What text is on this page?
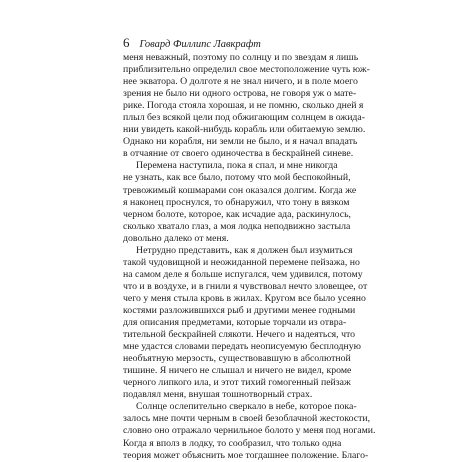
6 Говард Филлипс Лавкрафт
меня неважный, поэтому по солнцу и по звездам я лишь
приблизительно определил свое местоположение чуть юж-
нее экватора. О долготе я не знал ничего, и в поле моего
зрения не было ни одного острова, не говоря уж о мате-
рике. Погода стояла хорошая, и не помню, сколько дней я
плыл без всякой цели под обжигающим солнцем в ожида-
нии увидеть какой-нибудь корабль или обитаемую землю.
Однако ни корабля, ни земли не было, и я начал впадать
в отчаяние от своего одиночества в бескрайней синеве.
Перемена наступила, пока я спал, и мне никогда
не узнать, как все было, потому что мой беспокойный,
тревожимый кошмарами сон оказался долгим. Когда же
я наконец проснулся, то обнаружил, что тону в вязком
черном болоте, которое, как исчадие ада, раскинулось,
сколько хватало глаз, а моя лодка неподвижно застыла
довольно далеко от меня.
Нетрудно представить, как я должен был изумиться
такой чудовищной и неожиданной перемене пейзажа, но
на самом деле я больше испугался, чем удивился, потому
что и в воздухе, и в гнили я чувствовал нечто зловещее, от
чего у меня стыла кровь в жилах. Кругом все было усеяно
костями разложившихся рыб и другими менее годными
для описания предметами, которые торчали из отвра-
тительной бескрайней слякоти. Нечего и надеяться, что
мне удастся словами передать неописуемую бесплодную
необъятную мерзость, существовавшую в абсолютной
тишине. Я ничего не слышал и ничего не видел, кроме
черного липкого ила, и этот тихий гомогенный пейзаж
подавлял меня, внушая тошнотворный страх.
Солнце ослепительно сверкало в небе, которое пока-
залось мне почти черным в своей безоблачной жестокости,
словно оно отражало чернильное болото у меня под ногами.
Когда я вполз в лодку, то сообразил, что только одна
теория может объяснить мое тогдашнее положение. Благо-
